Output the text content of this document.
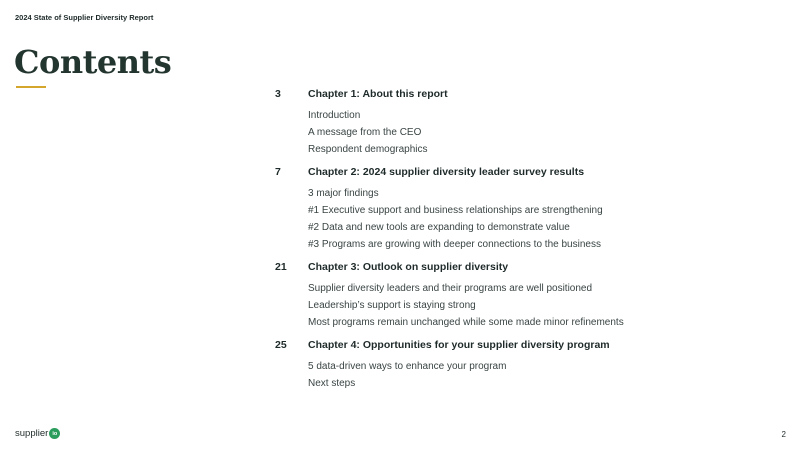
2024 State of Supplier Diversity Report
Contents
3	Chapter 1: About this report
Introduction
A message from the CEO
Respondent demographics
7	Chapter 2: 2024 supplier diversity leader survey results
3 major findings
#1 Executive support and business relationships are strengthening
#2 Data and new tools are expanding to demonstrate value
#3 Programs are growing with deeper connections to the business
21	Chapter 3: Outlook on supplier diversity
Supplier diversity leaders and their programs are well positioned
Leadership’s support is staying strong
Most programs remain unchanged while some made minor refinements
25	Chapter 4: Opportunities for your supplier diversity program
5 data-driven ways to enhance your program
Next steps
supplier io	2
